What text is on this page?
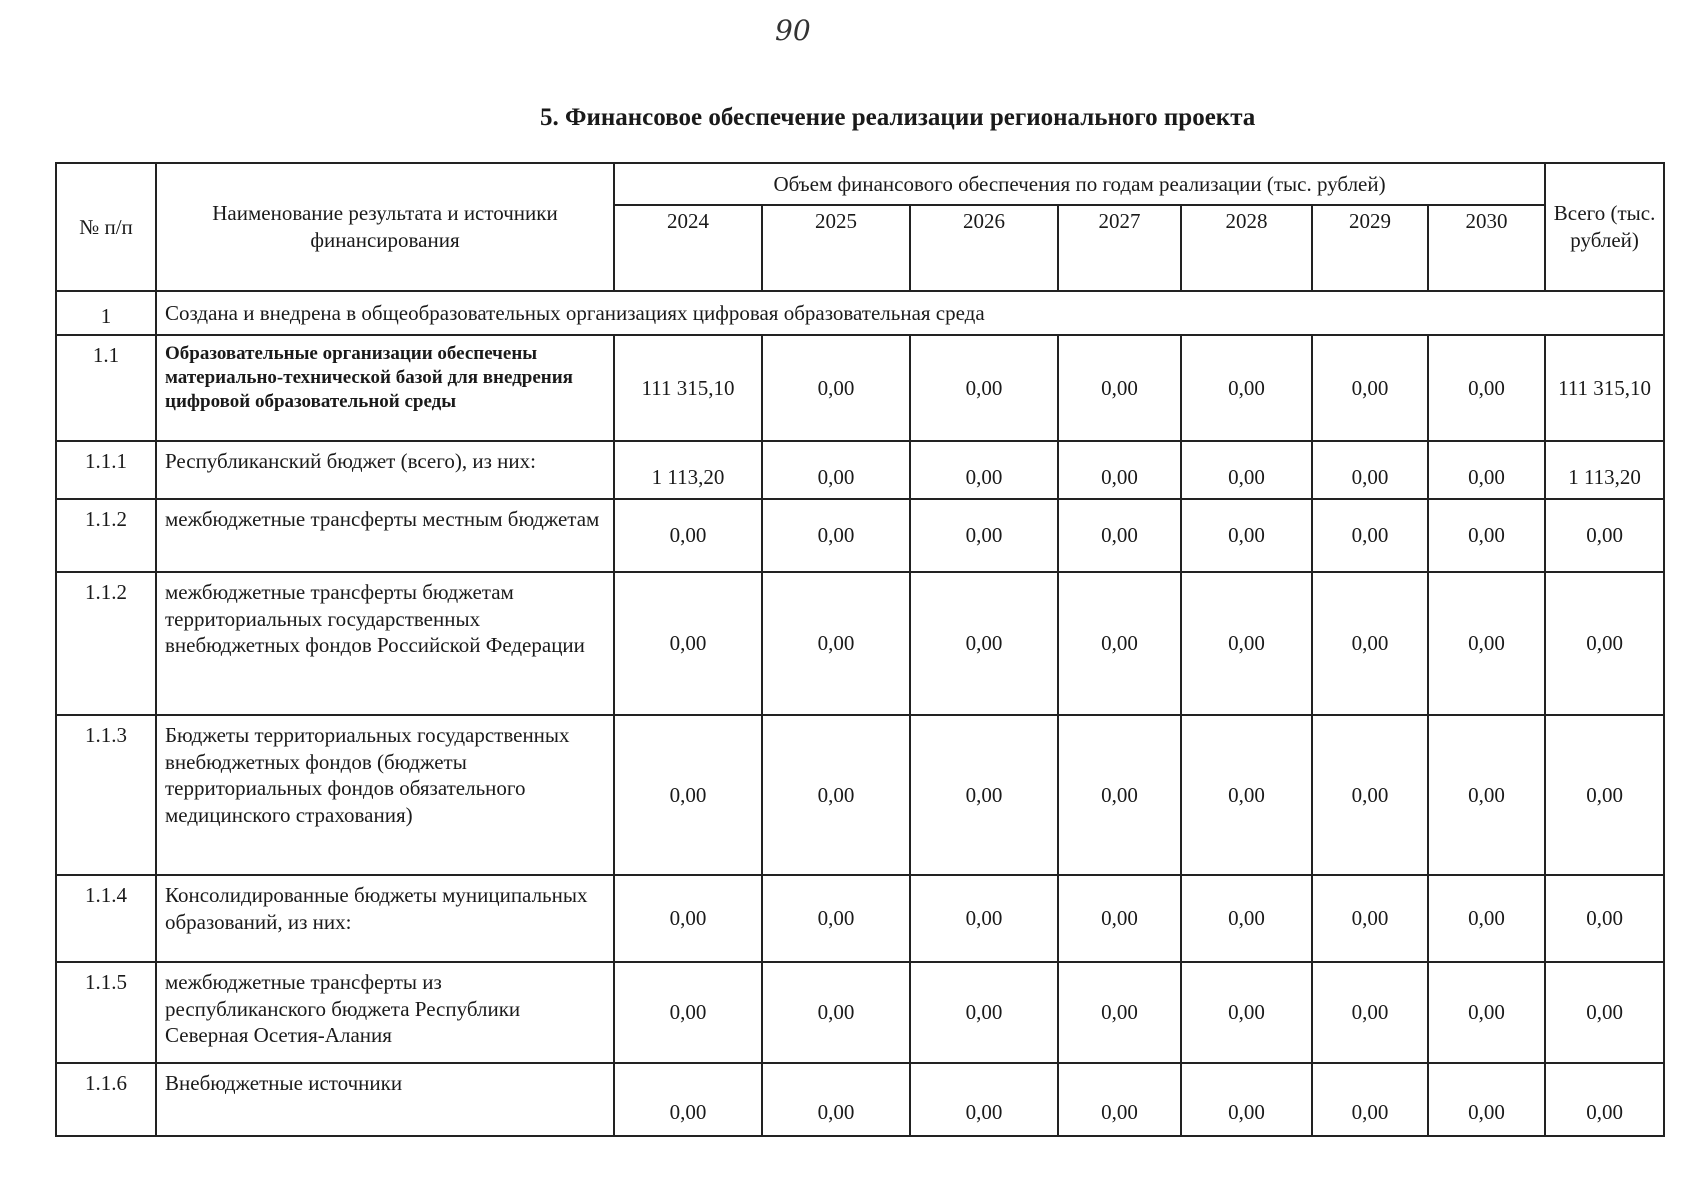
90
5. Финансовое обеспечение реализации регионального проекта
№ п/п	Наименование результата и источники финансирования	Объем финансового обеспечения по годам реализации (тыс. рублей)							Всего (тыс. рублей)
		2024	2025	2026	2027	2028	2029	2030	
1	Создана и внедрена в общеобразовательных организациях цифровая образовательная среда								
1.1	Образовательные организации обеспечены материально-технической базой для внедрения цифровой образовательной среды	111 315,10	0,00	0,00	0,00	0,00	0,00	0,00	111 315,10
1.1.1	Республиканский бюджет (всего), из них:	1 113,20	0,00	0,00	0,00	0,00	0,00	0,00	1 113,20
1.1.2	межбюджетные трансферты местным бюджетам	0,00	0,00	0,00	0,00	0,00	0,00	0,00	0,00
1.1.2	межбюджетные трансферты бюджетам территориальных государственных внебюджетных фондов Российской Федерации	0,00	0,00	0,00	0,00	0,00	0,00	0,00	0,00
1.1.3	Бюджеты территориальных государственных внебюджетных фондов (бюджеты территориальных фондов обязательного медицинского страхования)	0,00	0,00	0,00	0,00	0,00	0,00	0,00	0,00
1.1.4	Консолидированные бюджеты муниципальных образований, из них:	0,00	0,00	0,00	0,00	0,00	0,00	0,00	0,00
1.1.5	межбюджетные трансферты из республиканского бюджета Республики Северная Осетия-Алания	0,00	0,00	0,00	0,00	0,00	0,00	0,00	0,00
1.1.6	Внебюджетные источники	0,00	0,00	0,00	0,00	0,00	0,00	0,00	0,00
